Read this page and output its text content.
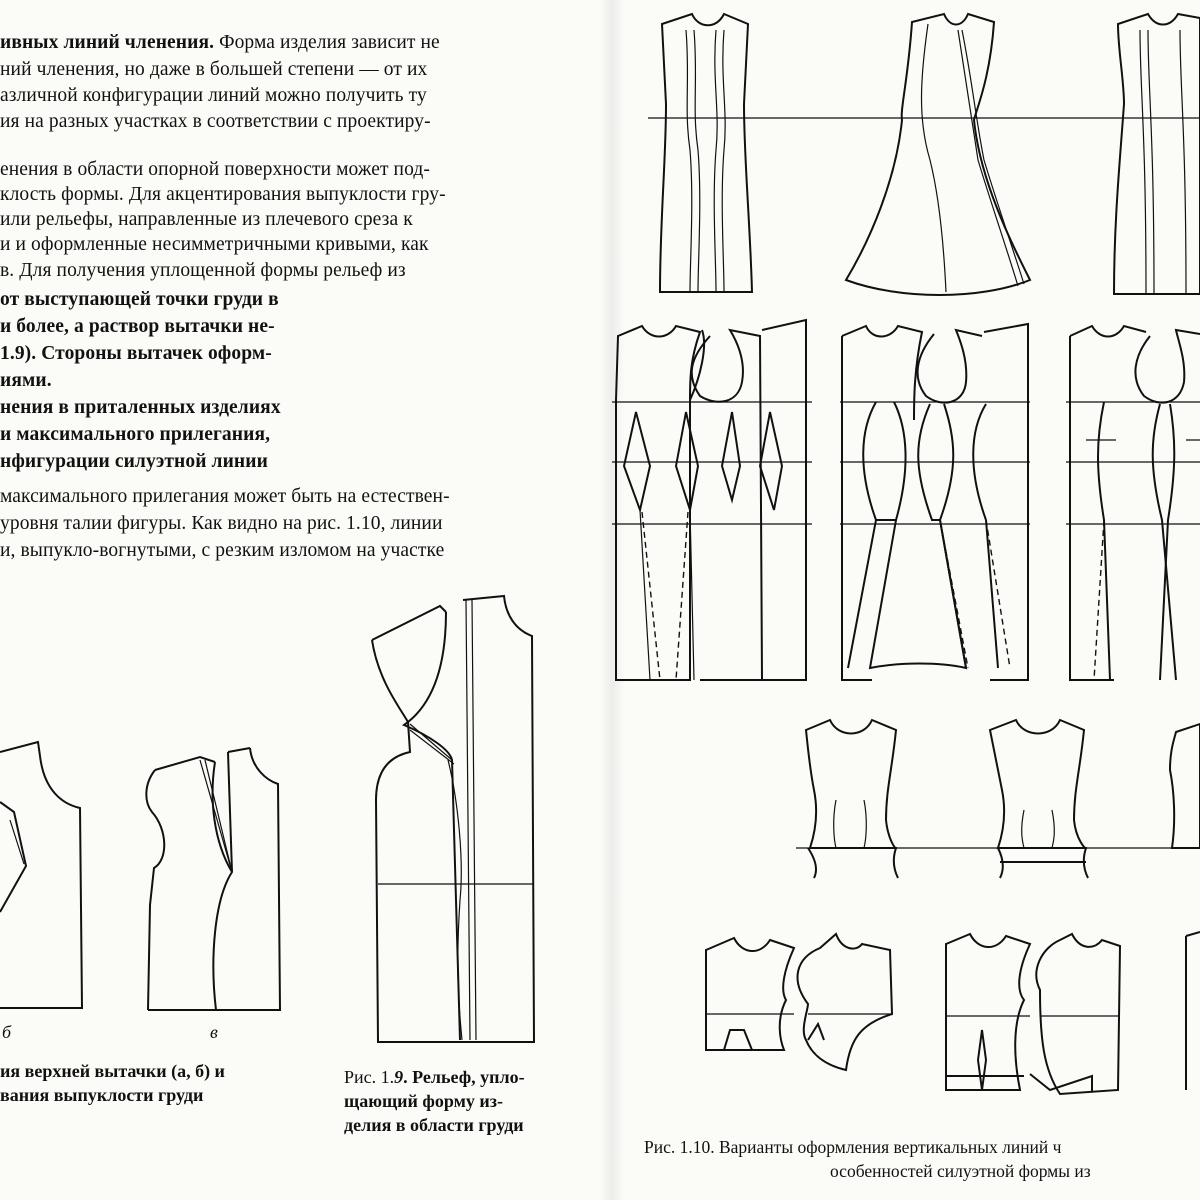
ивных линий членения. Форма изделия зависит не
ний членения, но даже в большей степени — от их
азличной конфигурации линий можно получить ту
ия на разных участках в соответствии с проектиру-
енения в области опорной поверхности может под-
клость формы. Для акцентирования выпуклости гру-
или рельефы, направленные из плечевого среза к
и и оформленные несимметричными кривыми, как
в. Для получения уплощенной формы рельеф из
от выступающей точки груди в
и более, а раствор вытачки не-
1.9). Стороны вытачек оформ-
иями.
нения в приталенных изделиях
и максимального прилегания,
нфигурации силуэтной линии
максимального прилегания может быть на естествен-
уровня талии фигуры. Как видно на рис. 1.10, линии
и, выпукло-вогнутыми, с резким изломом на участке
б	в
ия верхней вытачки (а, б) и
вания выпуклости груди
Рис. 1.9. Рельеф, упло-
щающий форму из-
делия в области груди
Рис. 1.10. Варианты оформления вертикальных линий ч
особенностей силуэтной формы из
